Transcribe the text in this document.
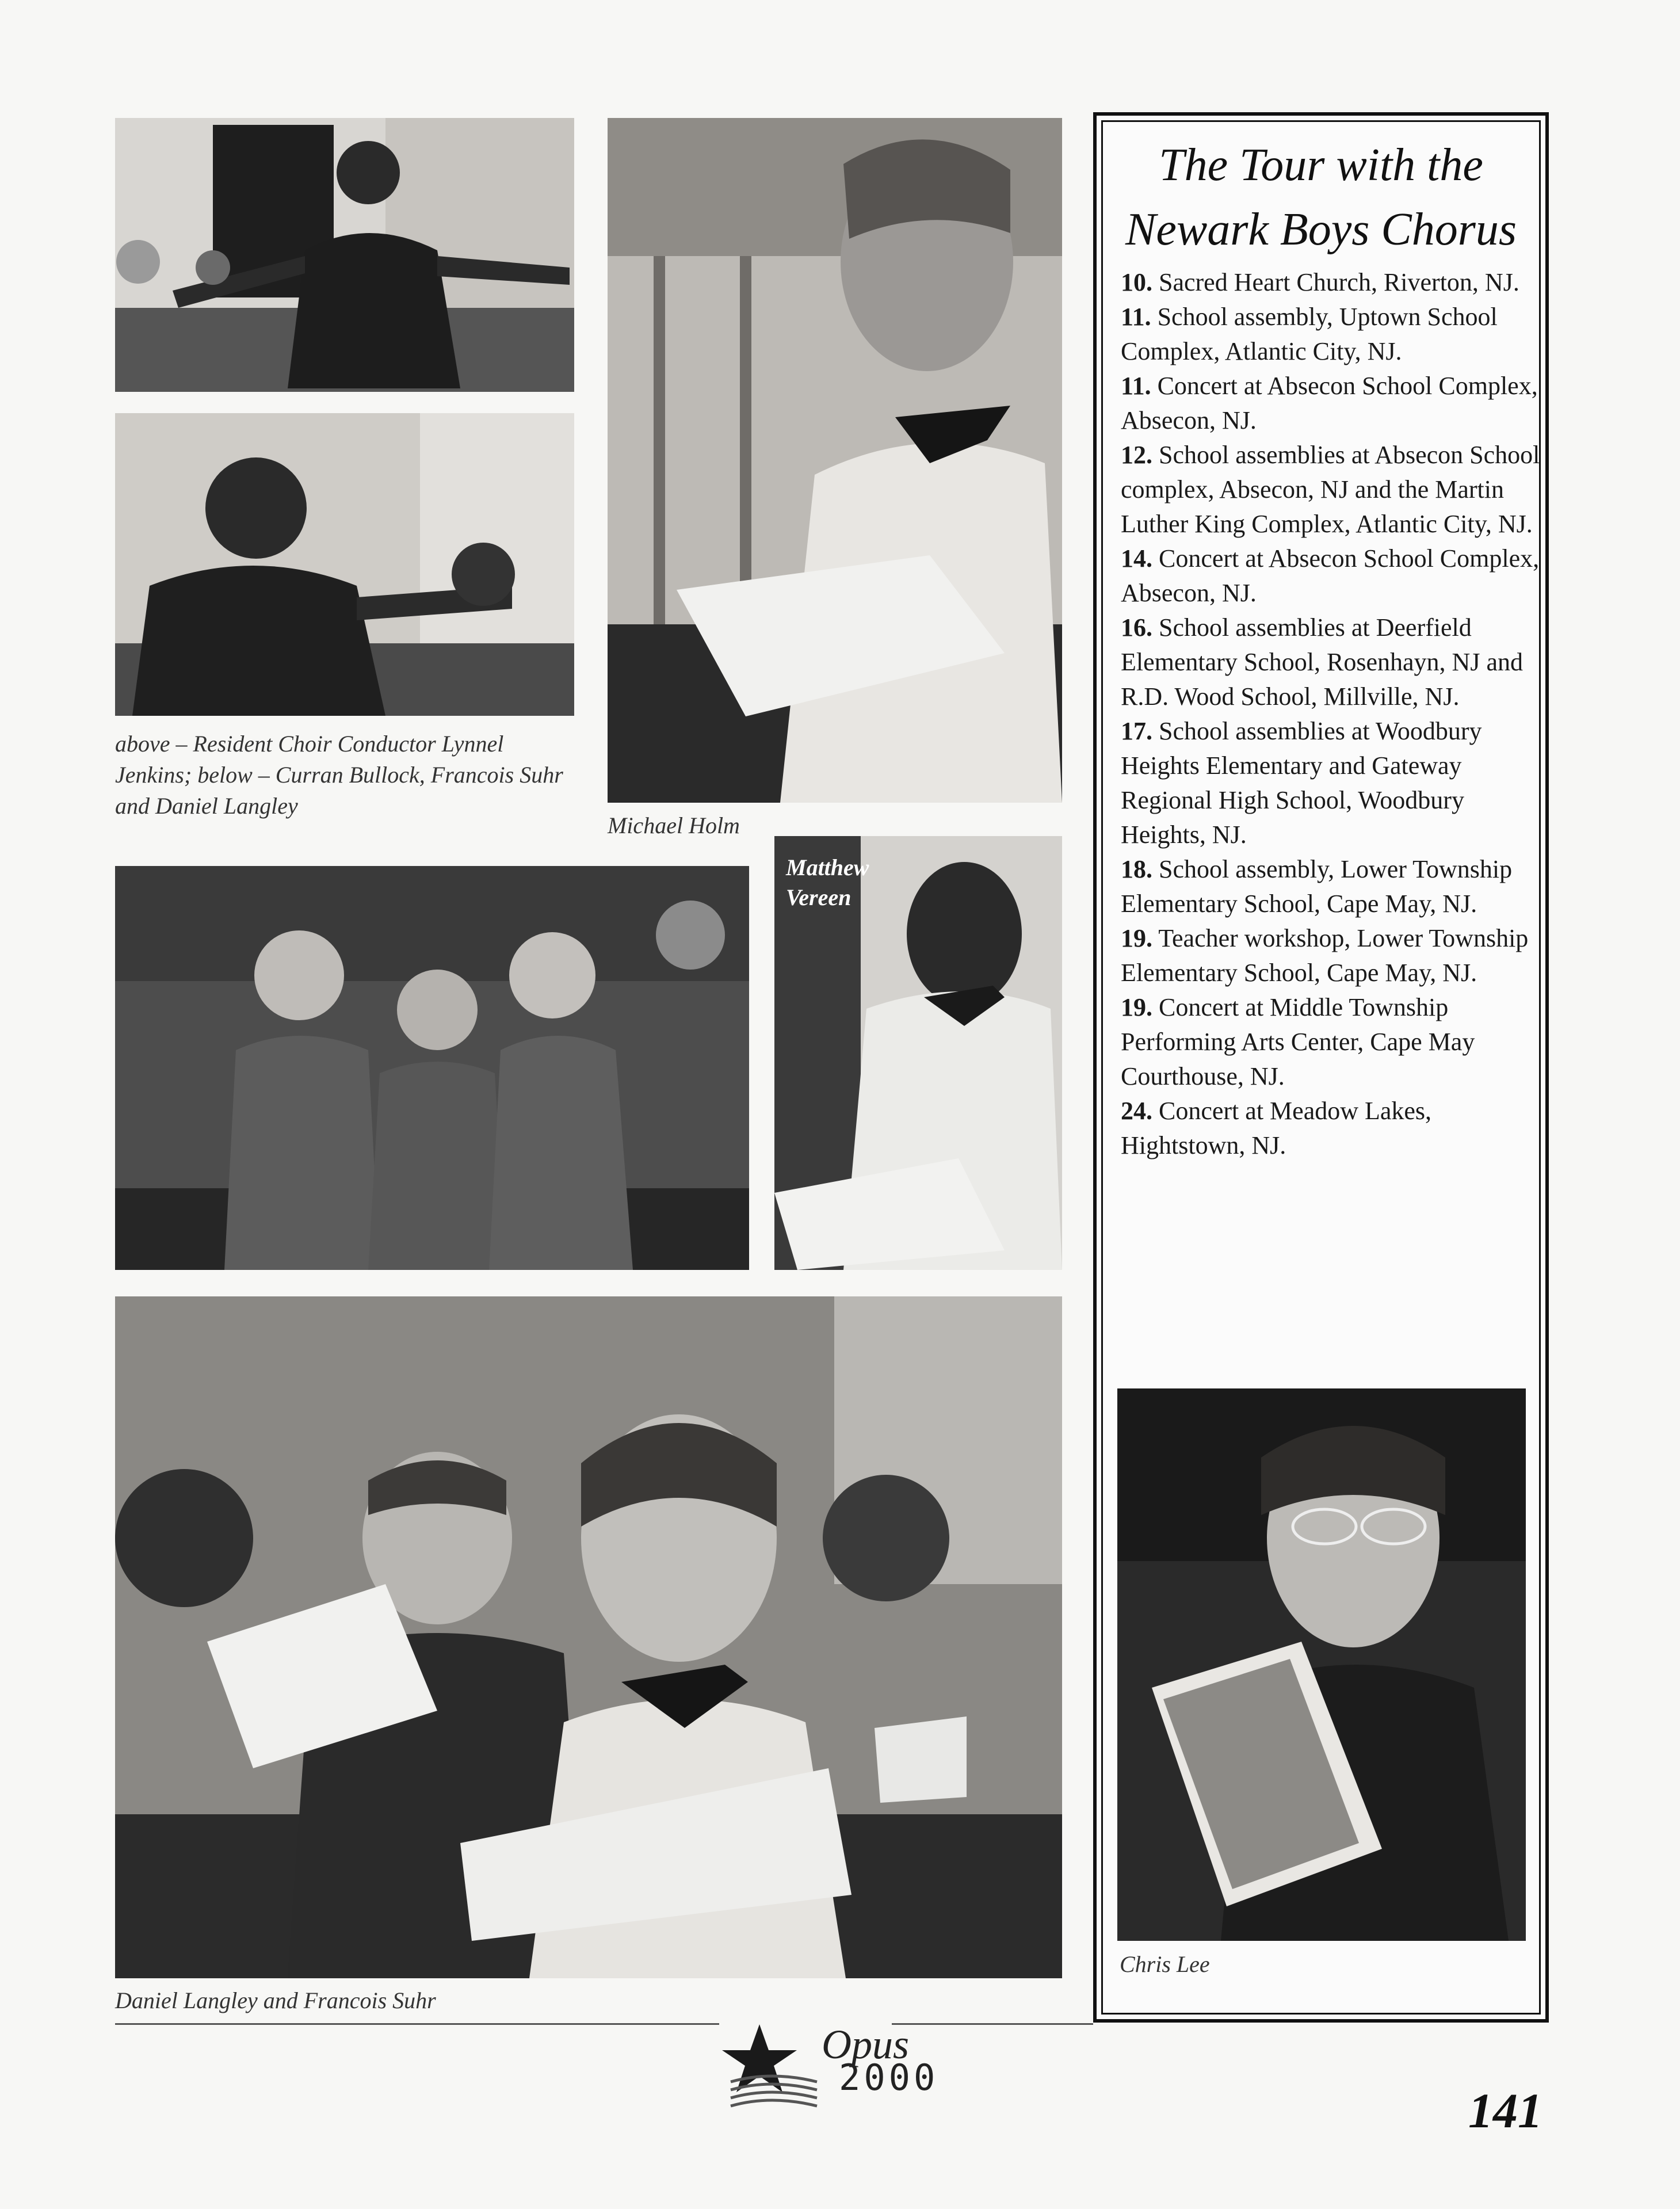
above – Resident Choir Conductor Lynnel Jenkins; below – Curran Bullock, Francois Suhr and Daniel Langley
Michael Holm
Matthew Vereen
Daniel Langley and Francois Suhr
The Tour with the Newark Boys Chorus

10. Sacred Heart Church, Riverton, NJ.

11. School assembly, Uptown School Complex, Atlantic City, NJ.

11. Concert at Absecon School Complex, Absecon, NJ.

12. School assemblies at Absecon School complex, Absecon, NJ and the Martin Luther King Complex, Atlantic City, NJ.

14. Concert at Absecon School Complex, Absecon, NJ.

16. School assemblies at Deerfield Elementary School, Rosenhayn, NJ and R.D. Wood School, Millville, NJ.

17. School assemblies at Woodbury Heights Elementary and Gateway Regional High School, Woodbury Heights, NJ.

18. School assembly, Lower Township Elementary School, Cape May, NJ.

19. Teacher workshop, Lower Township Elementary School, Cape May, NJ.

19. Concert at Middle Township Performing Arts Center, Cape May Courthouse, NJ.

24. Concert at Meadow Lakes, Hightstown, NJ.

Chris Lee
Opus
2000
141
